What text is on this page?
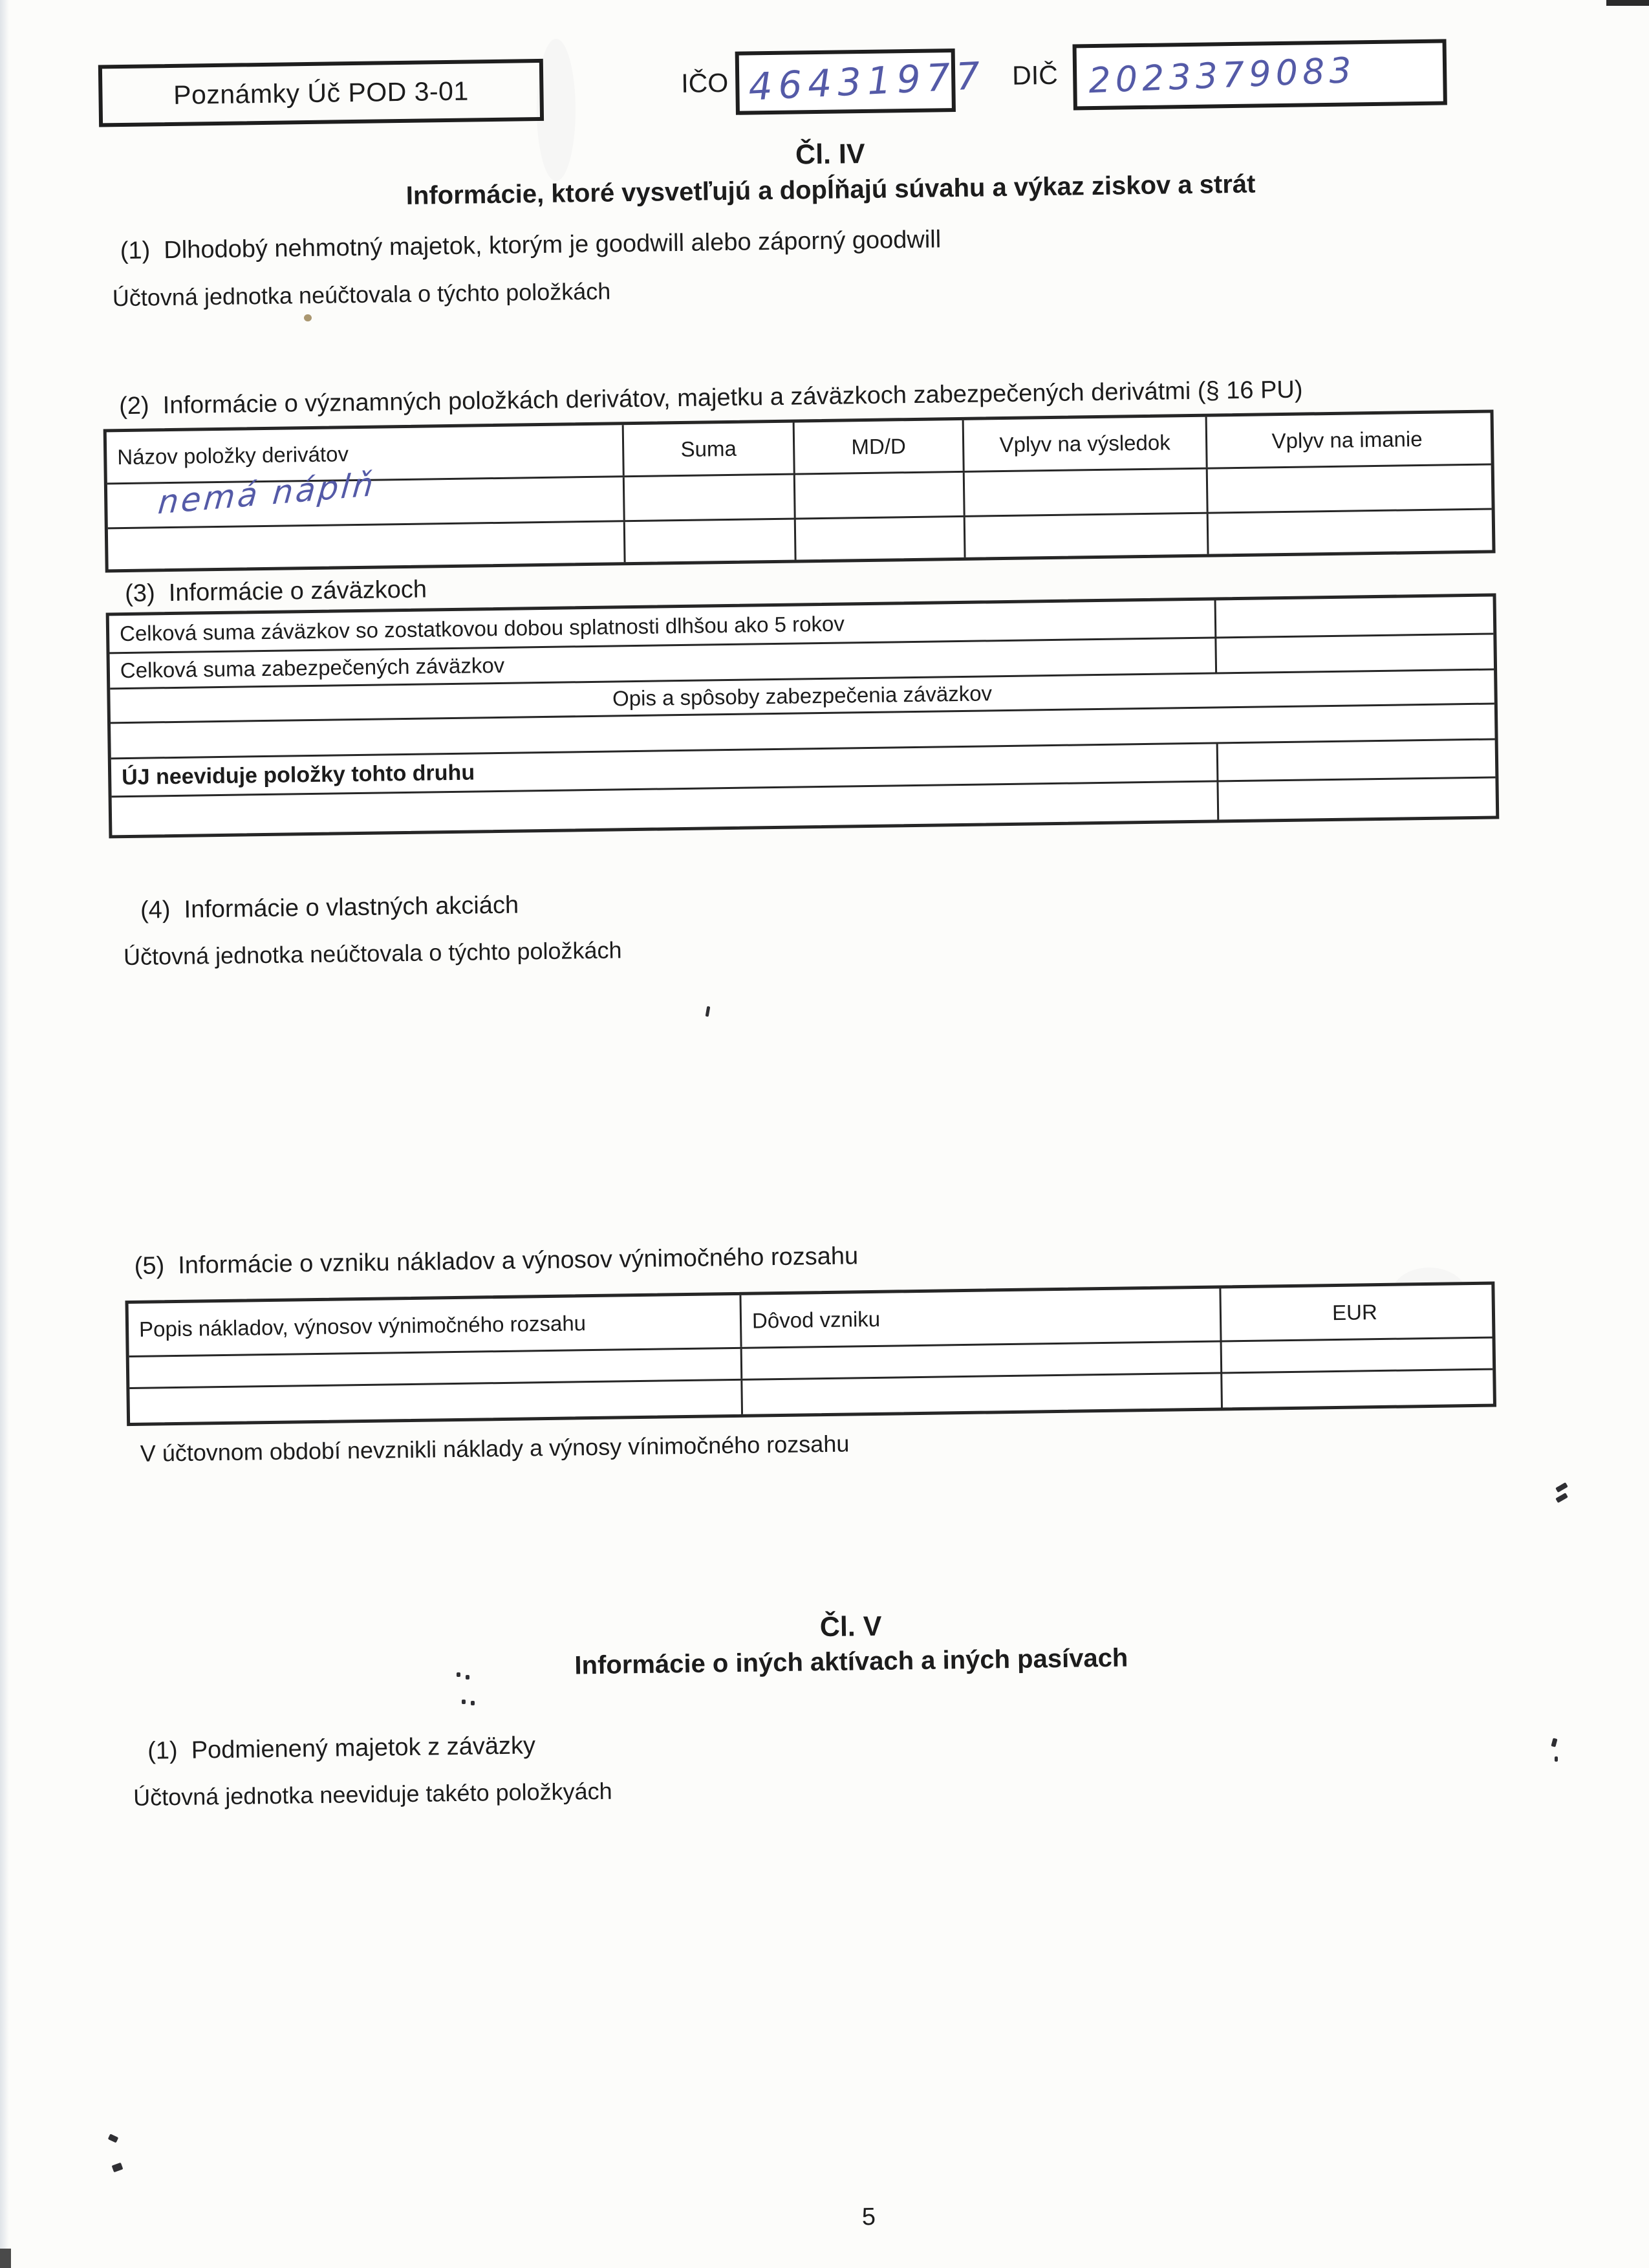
Poznámky Úč POD 3-01	IČO 46431977 DIČ 2023379083
Čl. IV
Informácie, ktoré vysvetľujú a dopĺňajú súvahu a výkaz ziskov a strát
(1)  Dlhodobý nehmotný majetok, ktorým je goodwill alebo záporný goodwill
Účtovná jednotka neúčtovala o týchto položkách
(2)  Informácie o významných položkách derivátov, majetku a záväzkoch zabezpečených derivátmi (§ 16 PU)
Názov položky derivátov	Suma	MD/D	Vplyv na výsledok	Vplyv na imanie
nemá náplň
(3)  Informácie o záväzkoch
Celková suma záväzkov so zostatkovou dobou splatnosti dlhšou ako 5 rokov
Celková suma zabezpečených záväzkov
Opis a spôsoby zabezpečenia záväzkov
ÚJ neeviduje položky tohto druhu
(4)  Informácie o vlastných akciách
Účtovná jednotka neúčtovala o týchto položkách
(5)  Informácie o vzniku nákladov a výnosov výnimočného rozsahu
Popis nákladov, výnosov výnimočného rozsahu	Dôvod vzniku	EUR
V účtovnom období nevznikli náklady a výnosy vínimočného rozsahu
Čl. V
Informácie o iných aktívach a iných pasívach
(1)  Podmienený majetok z záväzky
Účtovná jednotka neeviduje takéto položkyách
5
